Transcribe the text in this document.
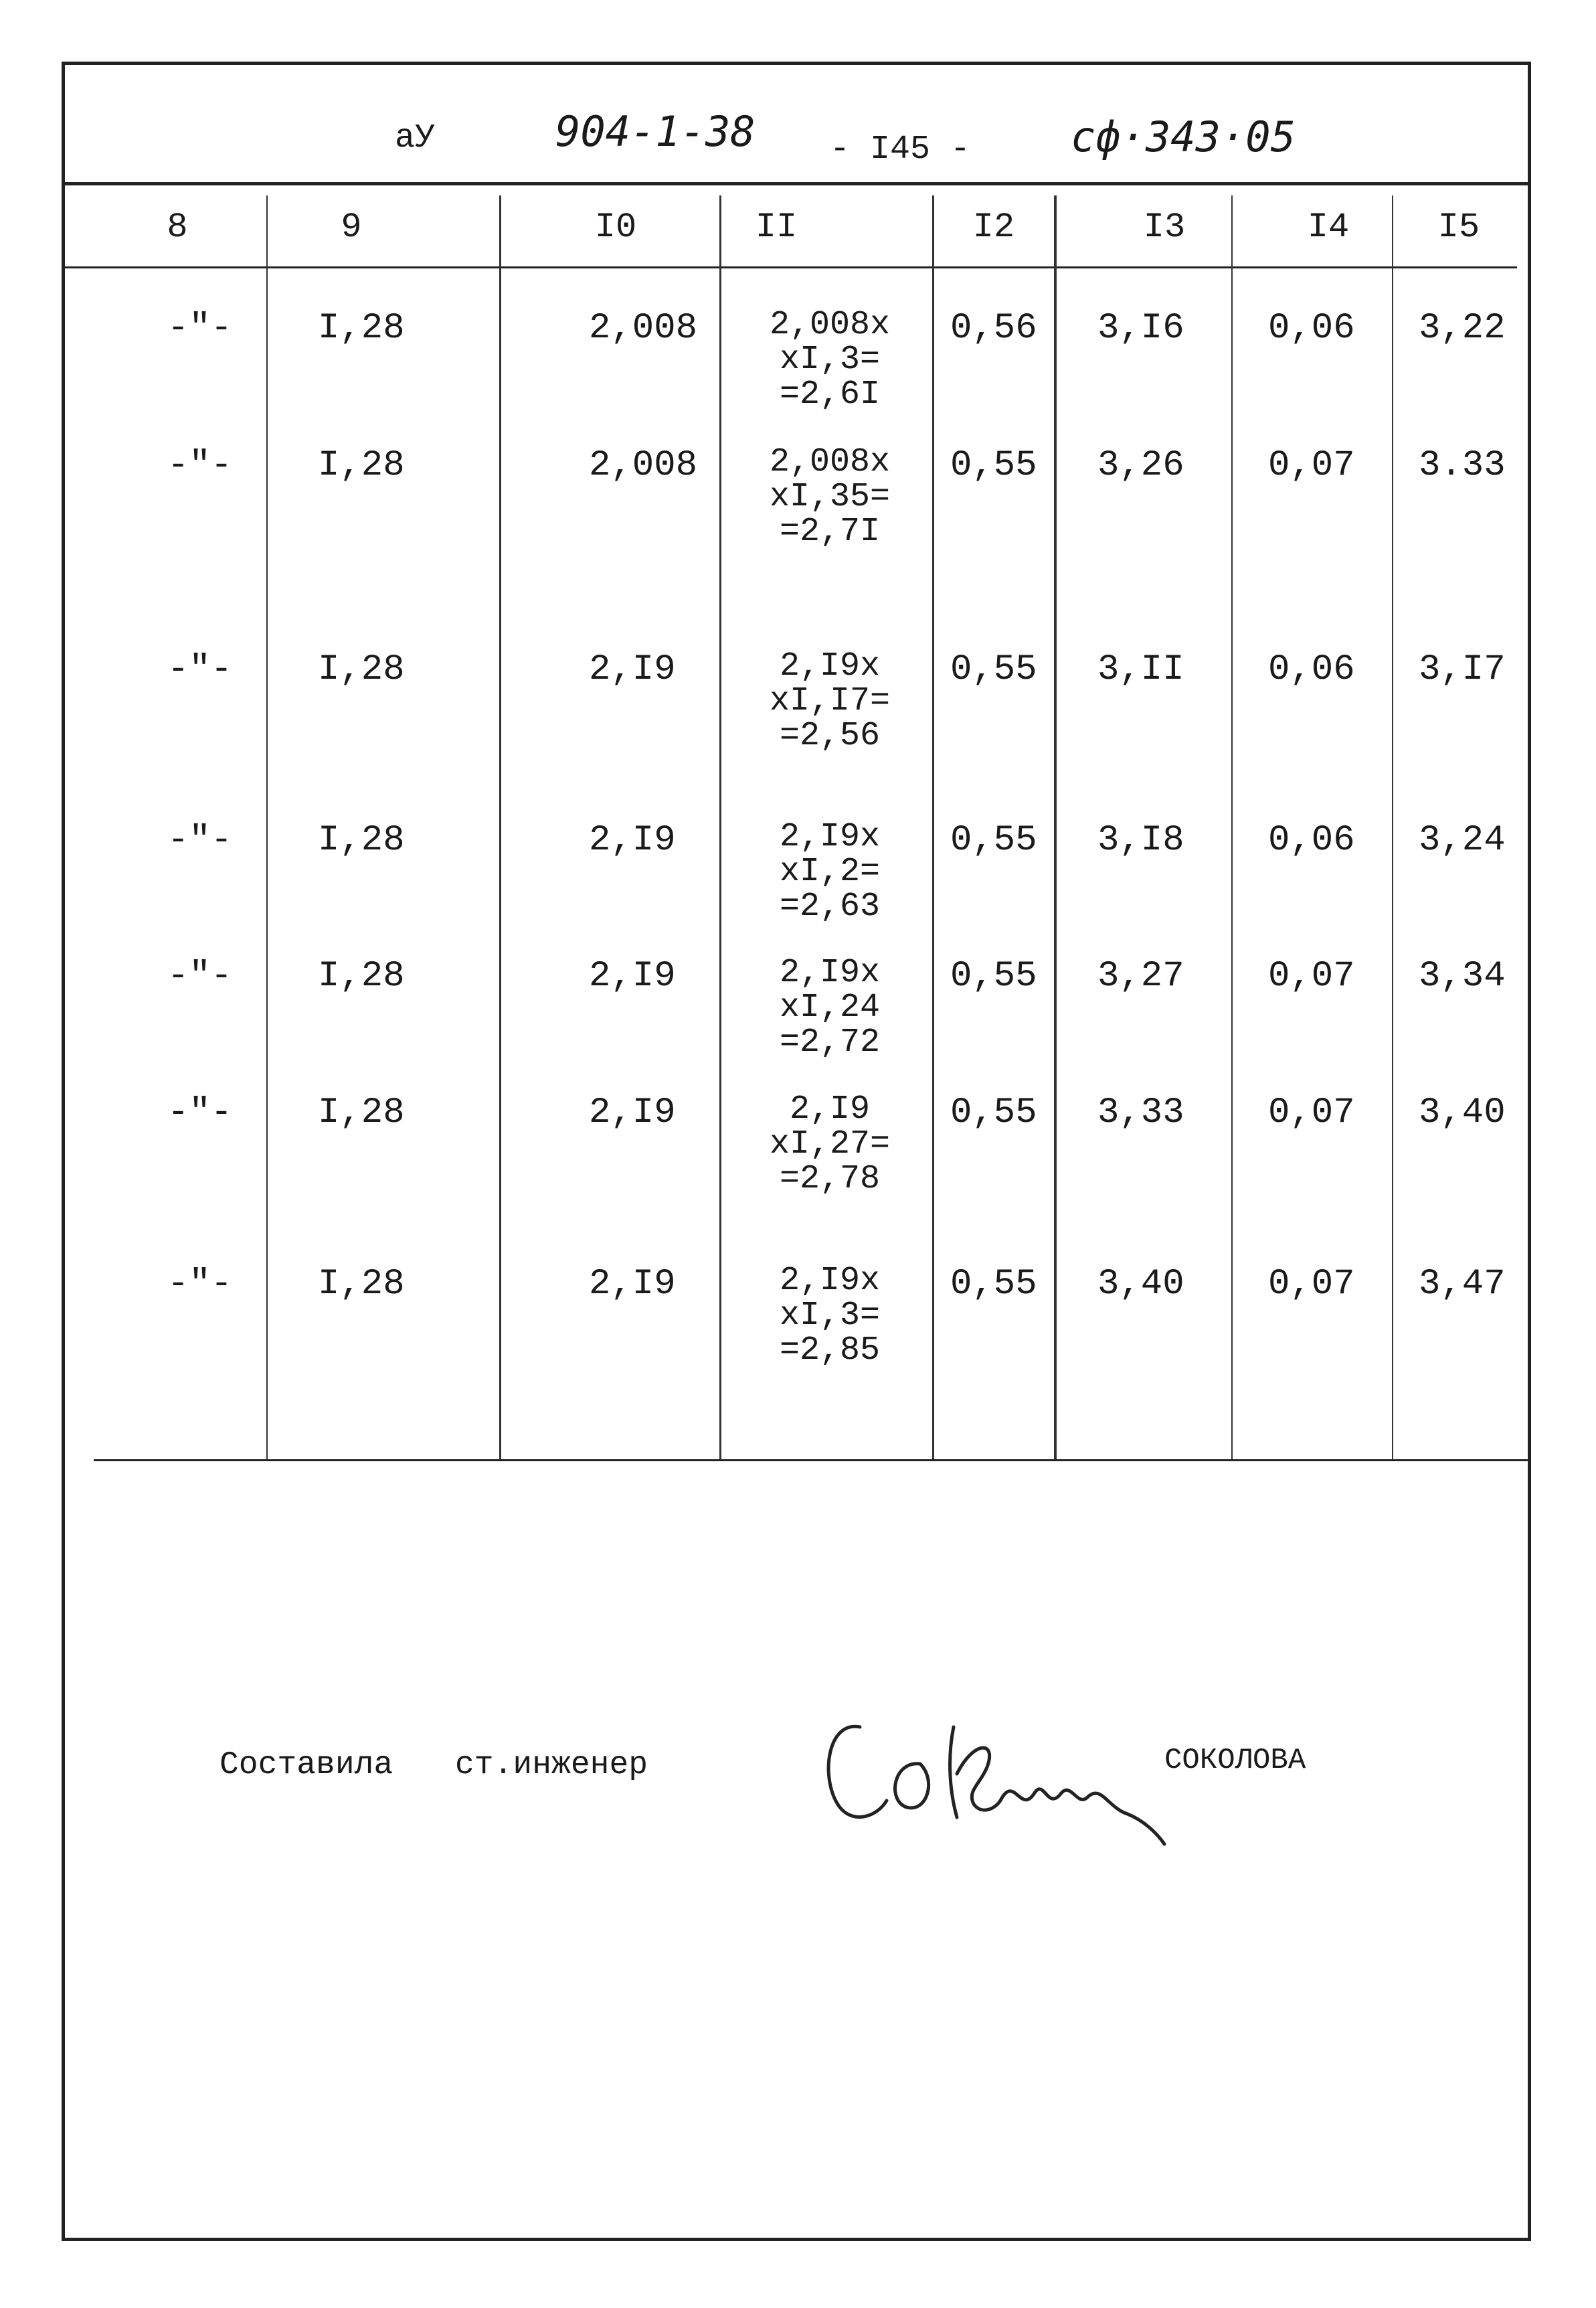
аУ	904-1-38 - I45 - сф·343·05
8	9	I0	II	I2	I3	I4	I5
-"- I,28	2,008	2,008x
xI,3=
=2,6I
0,56 3,I6 0,06 3,22
-"- I,28	2,008	2,008x
xI,35=
=2,7I
0,55 3,26 0,07 3.33
-"- I,28	2,I9	2,I9x
xI,I7=
=2,56
0,55 3,II 0,06 3,I7
-"- I,28	2,I9	2,I9x
xI,2=
=2,63
0,55 3,I8 0,06 3,24
-"- I,28	2,I9	2,I9x
xI,24
=2,72
0,55 3,27 0,07 3,34
-"- I,28	2,I9	2,I9
xI,27=
=2,78
0,55 3,33 0,07 3,40
-"- I,28	2,I9	2,I9x
xI,3=
=2,85
0,55 3,40 0,07 3,47
Составила ст.инженер	СОКОЛОВА
